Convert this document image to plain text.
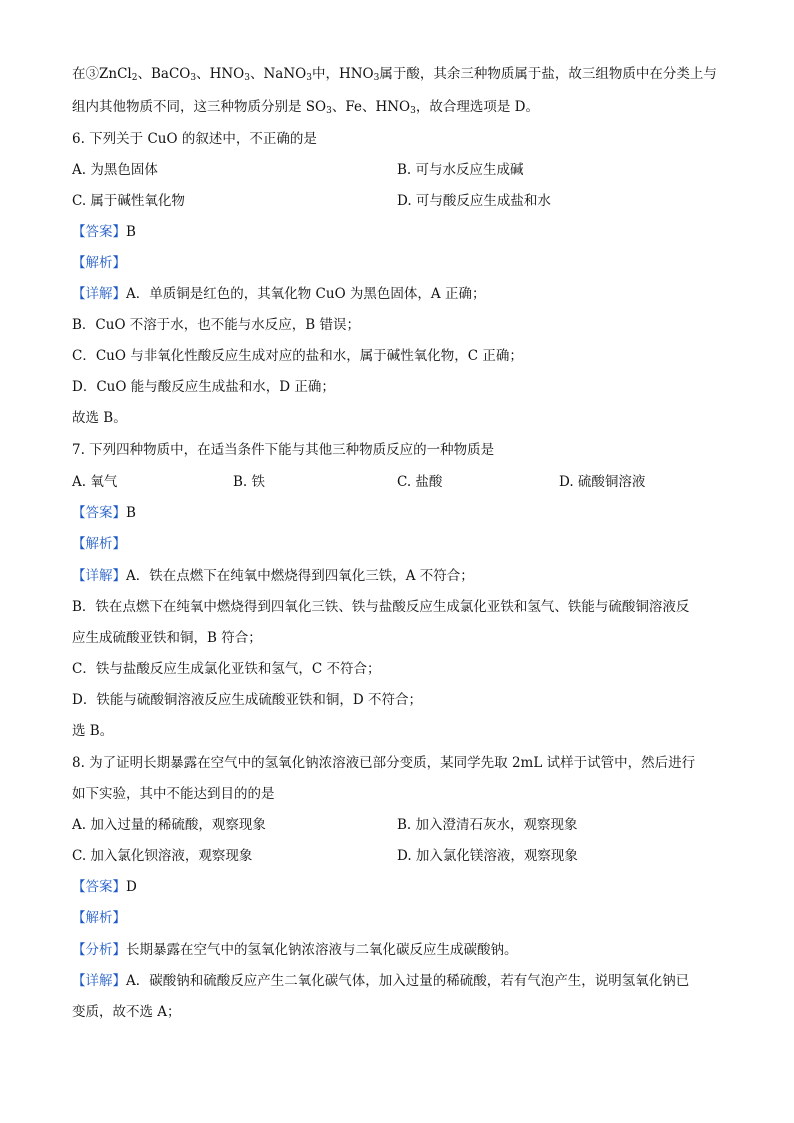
在③ZnCl$_2$、BaCO$_3$、$HNO_3$、NaNO$_3$中，$HNO_3$属于酸，其余三种物质属于盐，故三组物质中在分类上与
组内其他物质不同，这三种物质分别是 $SO_3$、Fe、$HNO_3$，故合理选项是 D。
6. 下列关于 CuO 的叙述中，不正确的是
A. 为黑色固体	B. 可与水反应生成碱
C. 属于碱性氧化物	D. 可与酸反应生成盐和水
【答案】B
【解析】
【详解】A．单质铜是红色的，其氧化物 CuO 为黑色固体，A 正确；
B．CuO 不溶于水，也不能与水反应，B 错误；
C．CuO 与非氧化性酸反应生成对应的盐和水，属于碱性氧化物，C 正确；
D．CuO 能与酸反应生成盐和水，D 正确；
故选 B。
7. 下列四种物质中，在适当条件下能与其他三种物质反应的一种物质是
A. 氧气	B. 铁	C. 盐酸	D. 硫酸铜溶液
【答案】B
【解析】
【详解】A．铁在点燃下在纯氧中燃烧得到四氧化三铁，A 不符合；
B．铁在点燃下在纯氧中燃烧得到四氧化三铁、铁与盐酸反应生成氯化亚铁和氢气、铁能与硫酸铜溶液反
应生成硫酸亚铁和铜，B 符合；
C．铁与盐酸反应生成氯化亚铁和氢气，C 不符合；
D．铁能与硫酸铜溶液反应生成硫酸亚铁和铜，D 不符合；
选 B。
8. 为了证明长期暴露在空气中的氢氧化钠浓溶液已部分变质，某同学先取 2mL 试样于试管中，然后进行
如下实验，其中不能达到目的的是
A. 加入过量的稀硫酸，观察现象	B. 加入澄清石灰水，观察现象
C. 加入氯化钡溶液，观察现象	D. 加入氯化镁溶液，观察现象
【答案】D
【解析】
【分析】长期暴露在空气中的氢氧化钠浓溶液与二氧化碳反应生成碳酸钠。
【详解】A．碳酸钠和硫酸反应产生二氧化碳气体，加入过量的稀硫酸，若有气泡产生，说明氢氧化钠已
变质，故不选 A；
